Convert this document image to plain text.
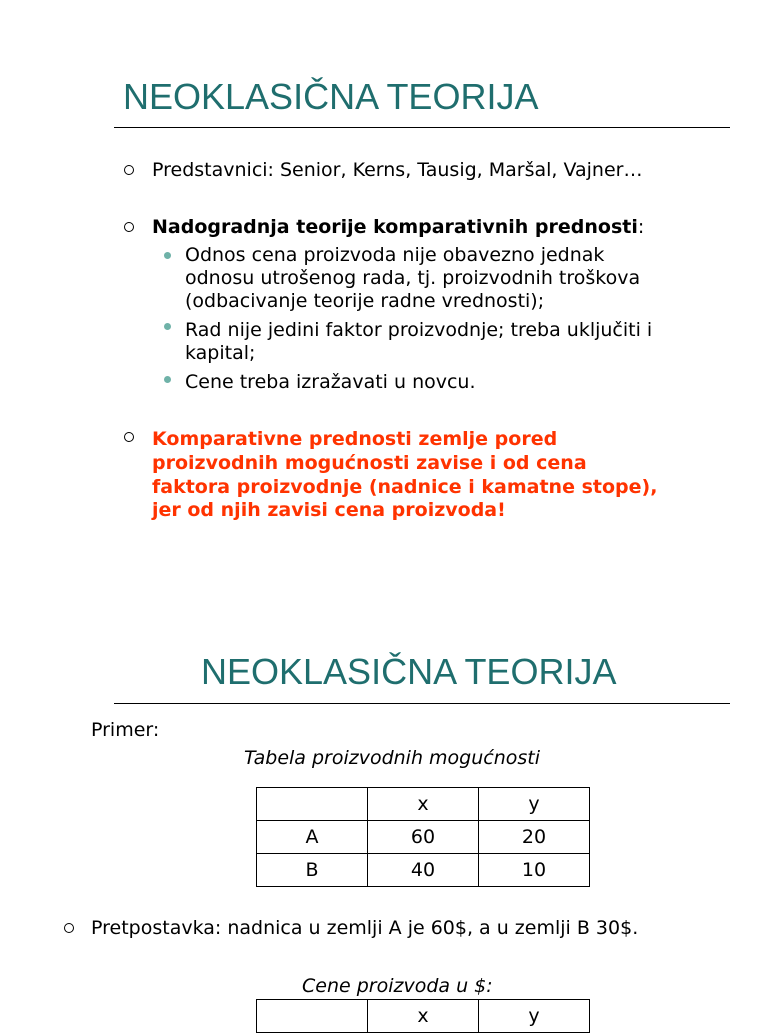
NEOKLASIČNA TEORIJA
Predstavnici: Senior, Kerns, Tausig, Maršal, Vajner…
Nadogradnja teorije komparativnih prednosti:
Odnos cena proizvoda nije obavezno jednak
odnosu utrošenog rada, tj. proizvodnih troškova
(odbacivanje teorije radne vrednosti);
Rad nije jedini faktor proizvodnje; treba uključiti i
kapital;
Cene treba izražavati u novcu.
Komparativne prednosti zemlje pored
proizvodnih mogućnosti zavise i od cena
faktora proizvodnje (nadnice i kamatne stope),
jer od njih zavisi cena proizvoda!
NEOKLASIČNA TEORIJA
Primer:
Tabela proizvodnih mogućnosti
	x	y
A	60	20
B	40	10
Pretpostavka: nadnica u zemlji A je 60$, a u zemlji B 30$.
Cene proizvoda u $:
	x	y
